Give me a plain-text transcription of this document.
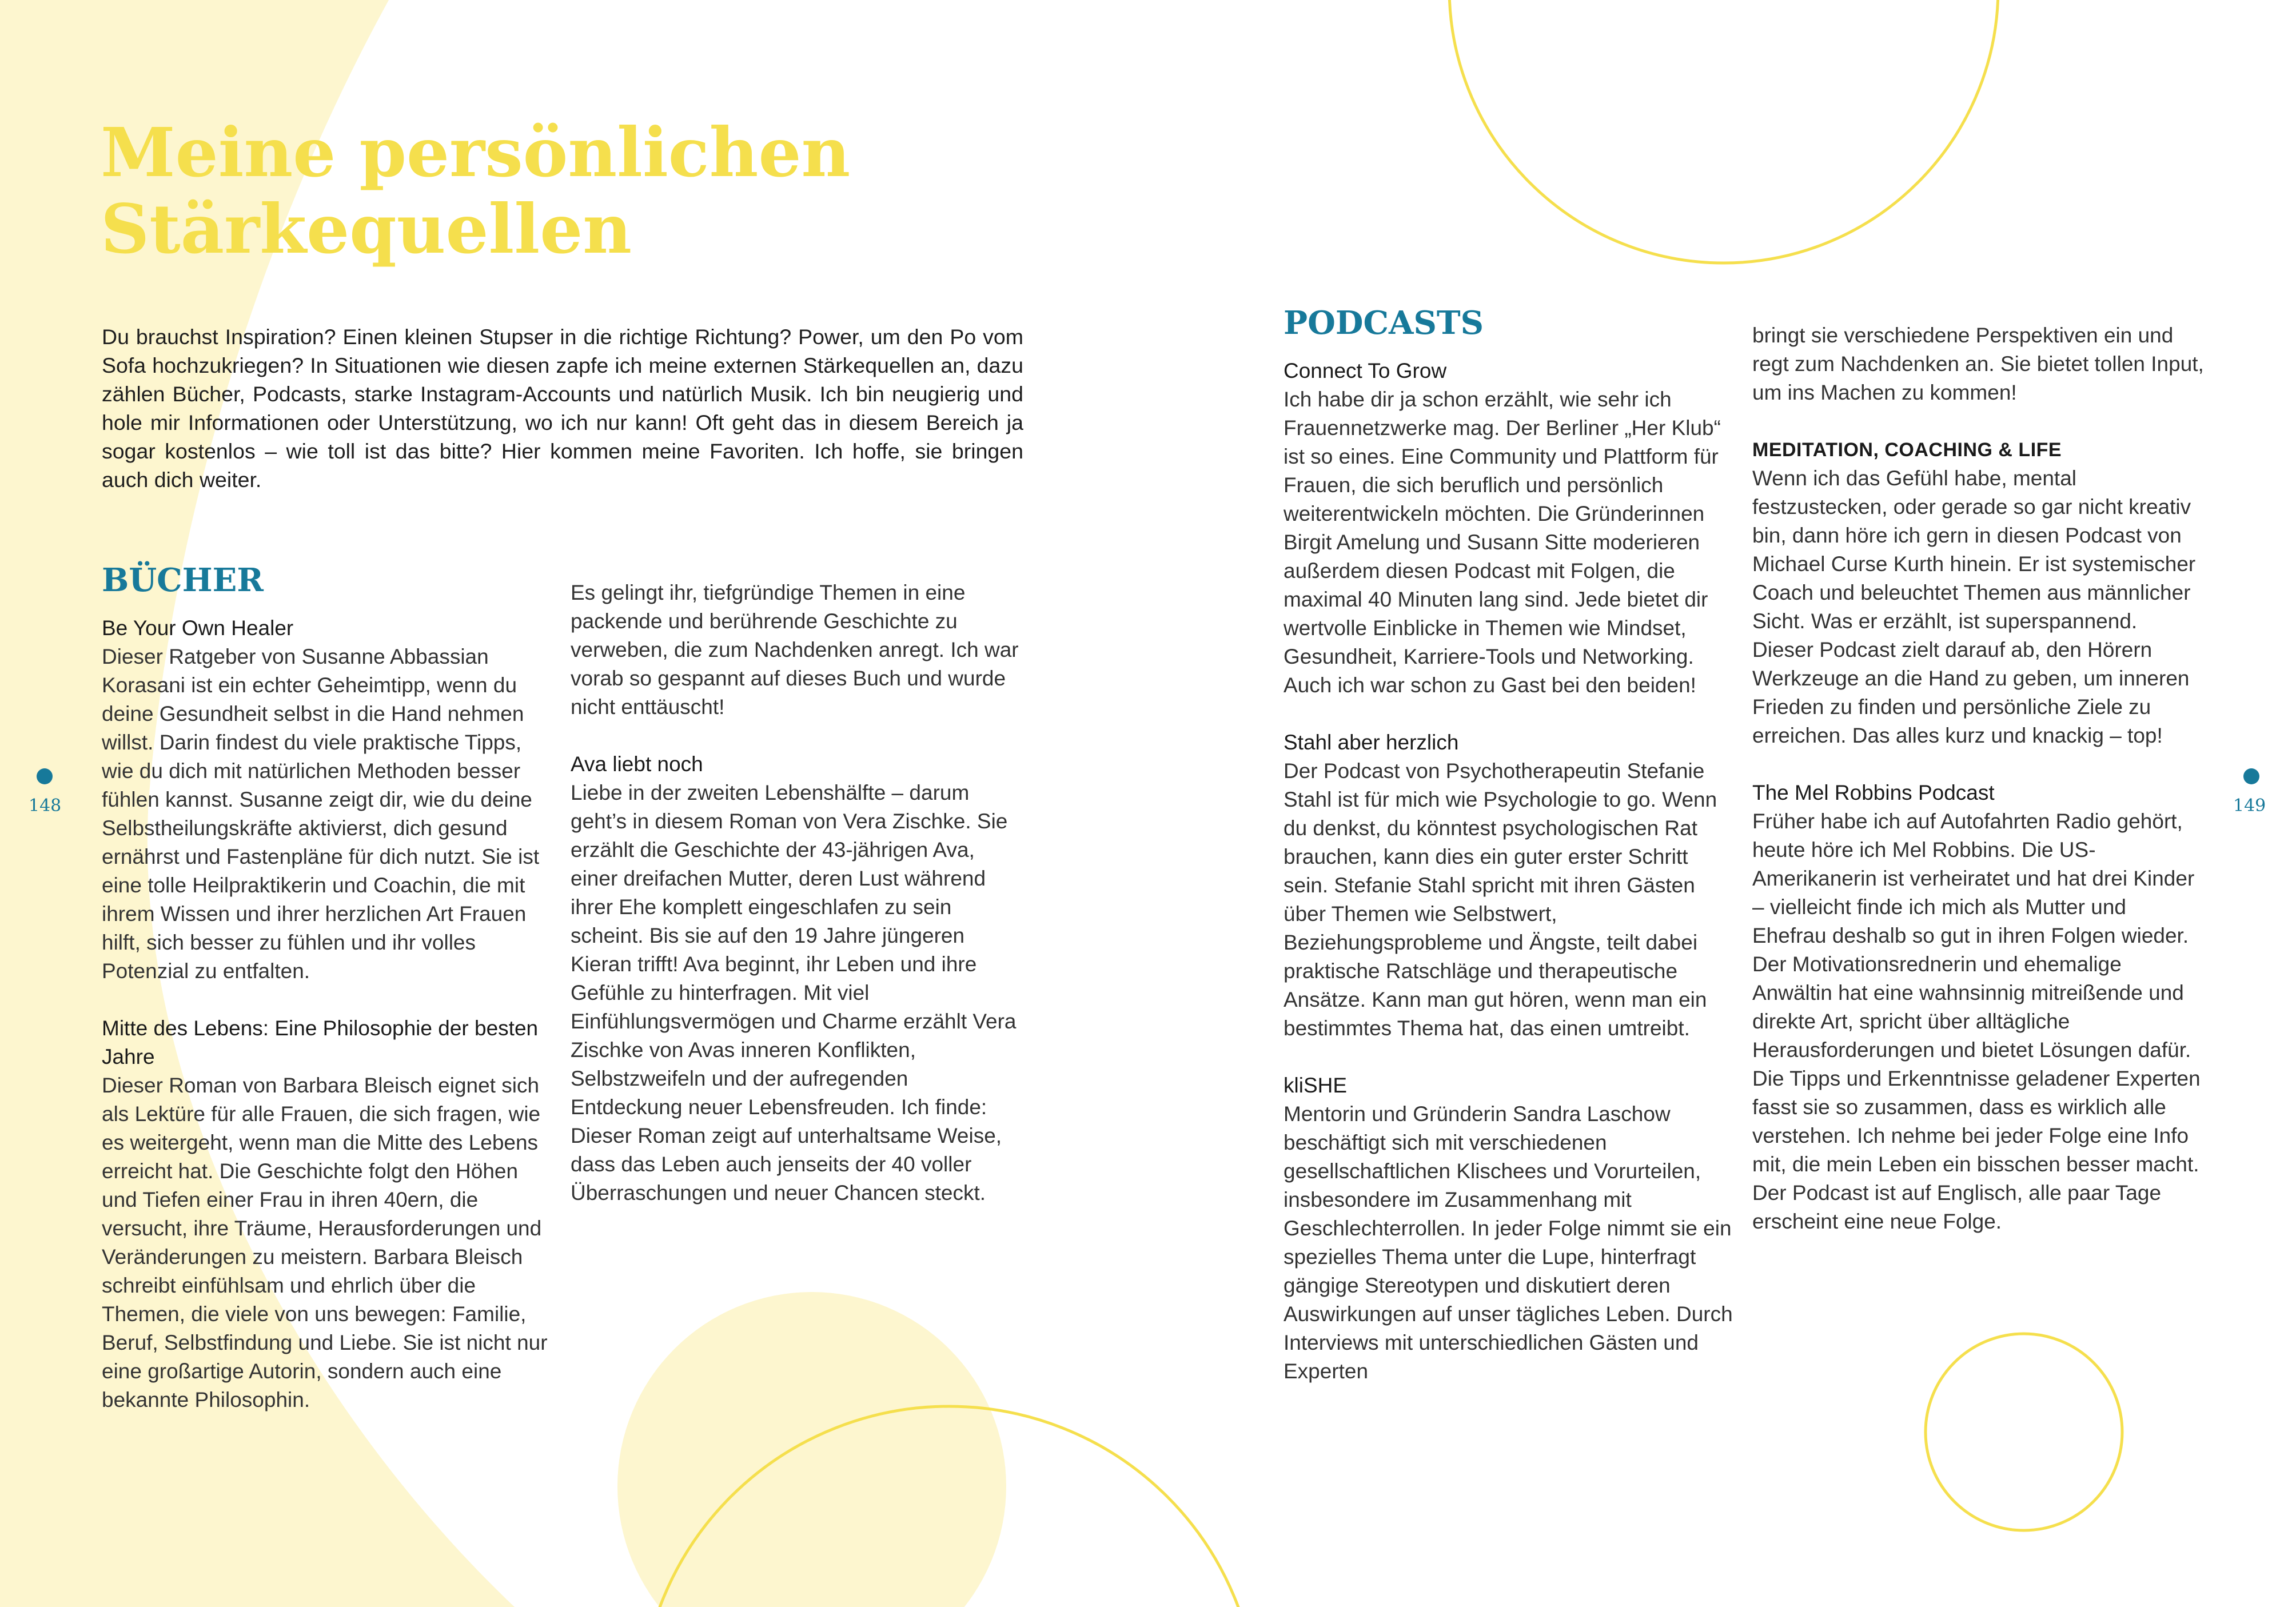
Meine persönlichen
Stärkequellen
Du brauchst Inspiration? Einen kleinen Stupser in die richtige Richtung? Power, um den Po vom Sofa hochzukriegen? In Situationen wie diesen zapfe ich meine externen Stärkequellen an, dazu zählen Bücher, Podcasts, starke Instagram-Accounts und natürlich Musik. Ich bin neugierig und hole mir Informationen oder Unterstützung, wo ich nur kann! Oft geht das in diesem Bereich ja sogar kostenlos – wie toll ist das bitte? Hier kommen meine Favoriten. Ich hoffe, sie bringen auch dich weiter.
BÜCHER

Be Your Own Healer
Dieser Ratgeber von Susanne Abbassian Korasani ist ein echter Geheimtipp, wenn du deine Gesundheit selbst in die Hand nehmen willst. Darin findest du viele praktische Tipps, wie du dich mit natürlichen Methoden besser fühlen kannst. Susanne zeigt dir, wie du deine Selbstheilungskräfte aktivierst, dich gesund ernährst und Fastenpläne für dich nutzt. Sie ist eine tolle Heilpraktikerin und Coachin, die mit ihrem Wissen und ihrer herzlichen Art Frauen hilft, sich besser zu fühlen und ihr volles Potenzial zu entfalten.

Mitte des Lebens: Eine Philosophie der besten Jahre
Dieser Roman von Barbara Bleisch eignet sich als Lektüre für alle Frauen, die sich fragen, wie es weitergeht, wenn man die Mitte des Lebens erreicht hat. Die Geschichte folgt den Höhen und Tiefen einer Frau in ihren 40ern, die versucht, ihre Träume, Herausforderungen und Veränderungen zu meistern. Barbara Bleisch schreibt einfühlsam und ehrlich über die Themen, die viele von uns bewegen: Familie, Beruf, Selbstfindung und Liebe. Sie ist nicht nur eine großartige Autorin, sondern auch eine bekannte Philosophin.

Es gelingt ihr, tiefgründige Themen in eine packende und berührende Geschichte zu verweben, die zum Nachdenken anregt. Ich war vorab so gespannt auf dieses Buch und wurde nicht enttäuscht!

Ava liebt noch
Liebe in der zweiten Lebenshälfte – darum geht’s in diesem Roman von Vera Zischke. Sie erzählt die Geschichte der 43-jährigen Ava, einer dreifachen Mutter, deren Lust während ihrer Ehe komplett eingeschlafen zu sein scheint. Bis sie auf den 19 Jahre jüngeren Kieran trifft! Ava beginnt, ihr Leben und ihre Gefühle zu hinterfragen. Mit viel Einfühlungsvermögen und Charme erzählt Vera Zischke von Avas inneren Konflikten, Selbstzweifeln und der aufregenden Entdeckung neuer Lebensfreuden. Ich finde: Dieser Roman zeigt auf unterhaltsame Weise, dass das Leben auch jenseits der 40 voller Überraschungen und neuer Chancen steckt.

PODCASTS

Connect To Grow
Ich habe dir ja schon erzählt, wie sehr ich Frauennetzwerke mag. Der Berliner „Her Klub“ ist so eines. Eine Community und Plattform für Frauen, die sich beruflich und persönlich weiterentwickeln möchten. Die Gründerinnen Birgit Amelung und Susann Sitte moderieren außerdem diesen Podcast mit Folgen, die maximal 40 Minuten lang sind. Jede bietet dir wertvolle Einblicke in Themen wie Mindset, Gesundheit, Karriere-Tools und Networking. Auch ich war schon zu Gast bei den beiden!

Stahl aber herzlich
Der Podcast von Psychotherapeutin Stefanie Stahl ist für mich wie Psychologie to go. Wenn du denkst, du könntest psychologischen Rat brauchen, kann dies ein guter erster Schritt sein. Stefanie Stahl spricht mit ihren Gästen über Themen wie Selbstwert, Beziehungsprobleme und Ängste, teilt dabei praktische Ratschläge und therapeutische Ansätze. Kann man gut hören, wenn man ein bestimmtes Thema hat, das einen umtreibt.

kliSHE
Mentorin und Gründerin Sandra Laschow beschäftigt sich mit verschiedenen gesellschaftlichen Klischees und Vorurteilen, insbesondere im Zusammenhang mit Geschlechterrollen. In jeder Folge nimmt sie ein spezielles Thema unter die Lupe, hinterfragt gängige Stereotypen und diskutiert deren Auswirkungen auf unser tägliches Leben. Durch Interviews mit unterschiedlichen Gästen und Experten

bringt sie verschiedene Perspektiven ein und regt zum Nachdenken an. Sie bietet tollen Input, um ins Machen zu kommen!

MEDITATION, COACHING & LIFE
Wenn ich das Gefühl habe, mental festzustecken, oder gerade so gar nicht kreativ bin, dann höre ich gern in diesen Podcast von Michael Curse Kurth hinein. Er ist systemischer Coach und beleuchtet Themen aus männlicher Sicht. Was er erzählt, ist superspannend. Dieser Podcast zielt darauf ab, den Hörern Werkzeuge an die Hand zu geben, um inneren Frieden zu finden und persönliche Ziele zu erreichen. Das alles kurz und knackig – top!

The Mel Robbins Podcast
Früher habe ich auf Autofahrten Radio gehört, heute höre ich Mel Robbins. Die US-Amerikanerin ist verheiratet und hat drei Kinder – vielleicht finde ich mich als Mutter und Ehefrau deshalb so gut in ihren Folgen wieder. Der Motivationsrednerin und ehemalige Anwältin hat eine wahnsinnig mitreißende und direkte Art, spricht über alltägliche Herausforderungen und bietet Lösungen dafür. Die Tipps und Erkenntnisse geladener Experten fasst sie so zusammen, dass es wirklich alle verstehen. Ich nehme bei jeder Folge eine Info mit, die mein Leben ein bisschen besser macht. Der Podcast ist auf Englisch, alle paar Tage erscheint eine neue Folge.

148	149
